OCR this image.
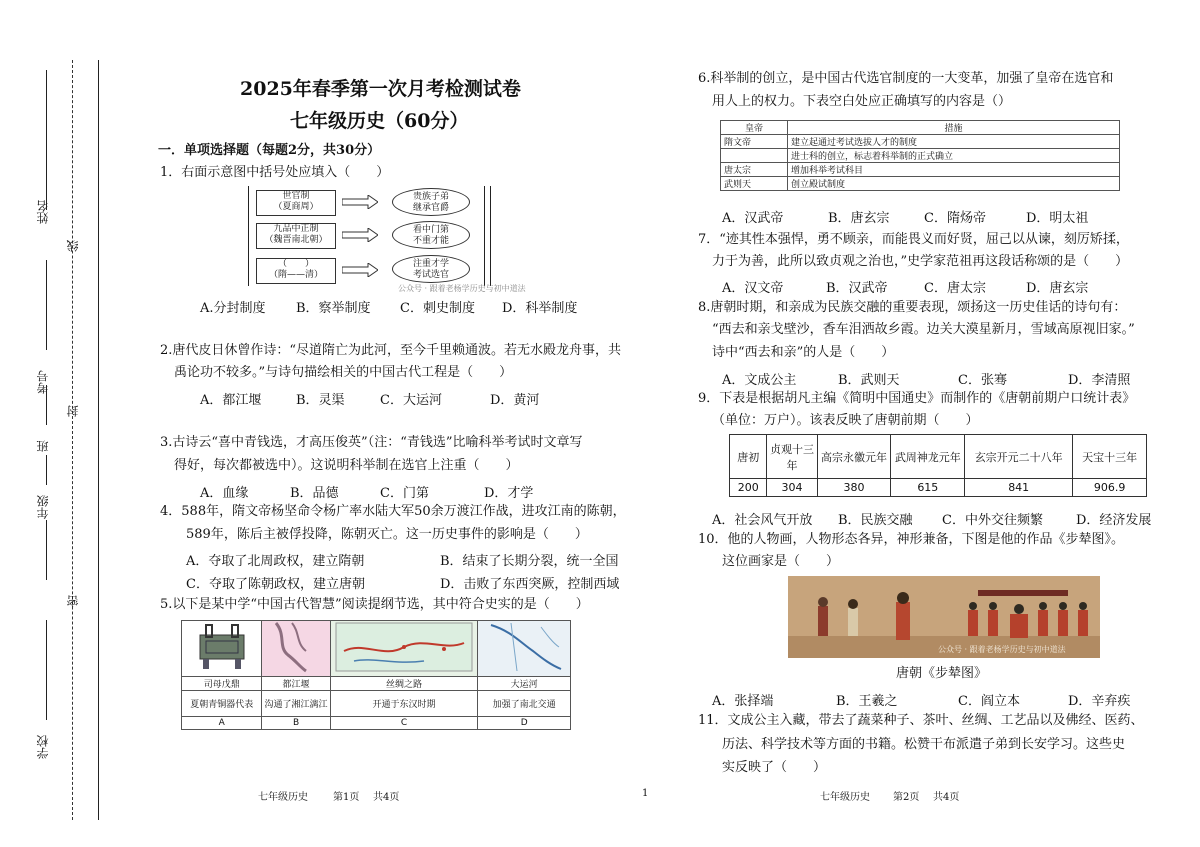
姓名
线
考号
封
班
年级
密
学校
2025年春季第一次月考检测试卷
七年级历史（60分）
一．单项选择题（每题2分，共30分）
1．右面示意图中括号处应填入（　　）
世官制
（夏商周）
九品中正制
（魏晋南北朝）
（　　）
（隋——清）
贵族子弟
继承官爵
看中门第
不重才能
注重才学
考试选官
公众号 · 跟着老杨学历史与初中道法
A.分封制度 B．察举制度 C．刺史制度 D．科举制度
2.唐代皮日休曾作诗：“尽道隋亡为此河，至今千里赖通波。若无水殿龙舟事，共
禹论功不较多。”与诗句描绘相关的中国古代工程是（　　）
A．都江堰	B．灵渠	C．大运河	D．黄河
3.古诗云“喜中青钱选，才高压俊英”（注：“青钱选”比喻科举考试时文章写
得好，每次都被选中）。这说明科举制在选官上注重（　　）
A．血缘	B．品德	C．门第	D．才学
4．588年，隋文帝杨坚命令杨广率水陆大军50余万渡江作战，进攻江南的陈朝，
589年，陈后主被俘投降，陈朝灭亡。这一历史事件的影响是（　　）
A．夺取了北周政权，建立隋朝	B．结束了长期分裂，统一全国
C．夺取了陈朝政权，建立唐朝	D．击败了东西突厥，控制西域
5.以下是某中学“中国古代智慧”阅读提纲节选，其中符合史实的是（　　）

司母戊鼎	都江堰	丝绸之路	大运河
夏朝青铜器代表	沟通了湘江漓江	开通于东汉时期	加强了南北交通
A	B	C	D
七年级历史	第1页 共4页	1
6.科举制的创立，是中国古代选官制度的一大变革，加强了皇帝在选官和
用人上的权力。下表空白处应正确填写的内容是（）
皇帝	措施
隋文帝	建立起通过考试选拔人才的制度
	进士科的创立，标志着科举制的正式确立
唐太宗	增加科举考试科目
武则天	创立殿试制度
A．汉武帝	B．唐玄宗	C．隋炀帝	D．明太祖
7．“迹其性本强悍，勇不顾亲，而能畏义而好贤，屈己以从谏，刻厉矫揉，
力于为善，此所以致贞观之治也，”史学家范祖再这段话称颂的是（　　）
A．汉文帝	B．汉武帝	C．唐太宗	D．唐玄宗
8.唐朝时期，和亲成为民族交融的重要表现，颂扬这一历史佳话的诗句有：
“西去和亲戈壁沙，香车泪洒故乡霞。边关大漠星新月，雪域高原视旧家。”
诗中“西去和亲”的人是（　　）
A．文成公主	B．武则天	C．张骞	D．李清照
9．下表是根据胡凡主编《简明中国通史》而制作的《唐朝前期户口统计表》
（单位：万户）。该表反映了唐朝前期（　　）
唐初	贞观十三年	高宗永徽元年	武周神龙元年	玄宗开元二十八年	天宝十三年
200	304	380	615	841	906.9
A．社会风气开放 B．民族交融 C．中外交往频繁	D．经济发展
10．他的人物画，人物形态各异，神形兼备，下图是他的作品《步辇图》。
这位画家是（　　）
公众号 · 跟着老杨学历史与初中道法
唐朝《步辇图》
A．张择端	B．王羲之	C．阎立本	D．辛弃疾
11．文成公主入藏，带去了蔬菜种子、茶叶、丝绸、工艺品以及佛经、医药、
历法、科学技术等方面的书籍。松赞干布派遣子弟到长安学习。这些史
实反映了（　　）
七年级历史 第2页 共4页
